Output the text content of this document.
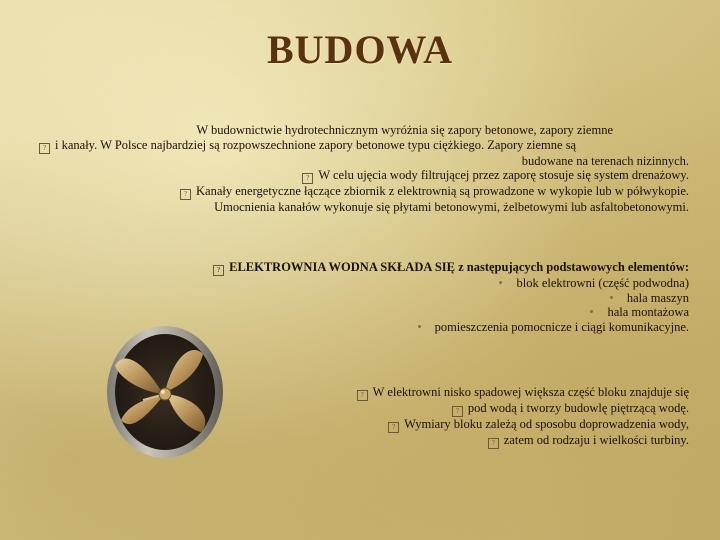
BUDOWA
W budownictwie hydrotechnicznym wyróżnia się zapory betonowe, zapory ziemne
? i kanały. W Polsce najbardziej są rozpowszechnione zapory betonowe typu ciężkiego. Zapory ziemne są
budowane na terenach nizinnych.
? W celu ujęcia wody filtrującej przez zaporę stosuje się system drenażowy.
? Kanały energetyczne łączące zbiornik z elektrownią są prowadzone w wykopie lub w półwykopie.
Umocnienia kanałów wykonuje się płytami betonowymi, żelbetowymi lub asfaltobetonowymi.
? ELEKTROWNIA WODNA SKŁADA SIĘ z następujących podstawowych elementów:
blok elektrowni (część podwodna)
hala maszyn
hala montażowa
pomieszczenia pomocnicze i ciągi komunikacyjne.
? W elektrowni nisko spadowej większa część bloku znajduje się
? pod wodą i tworzy budowlę piętrzącą wodę.
? Wymiary bloku zależą od sposobu doprowadzenia wody,
? zatem od rodzaju i wielkości turbiny.
